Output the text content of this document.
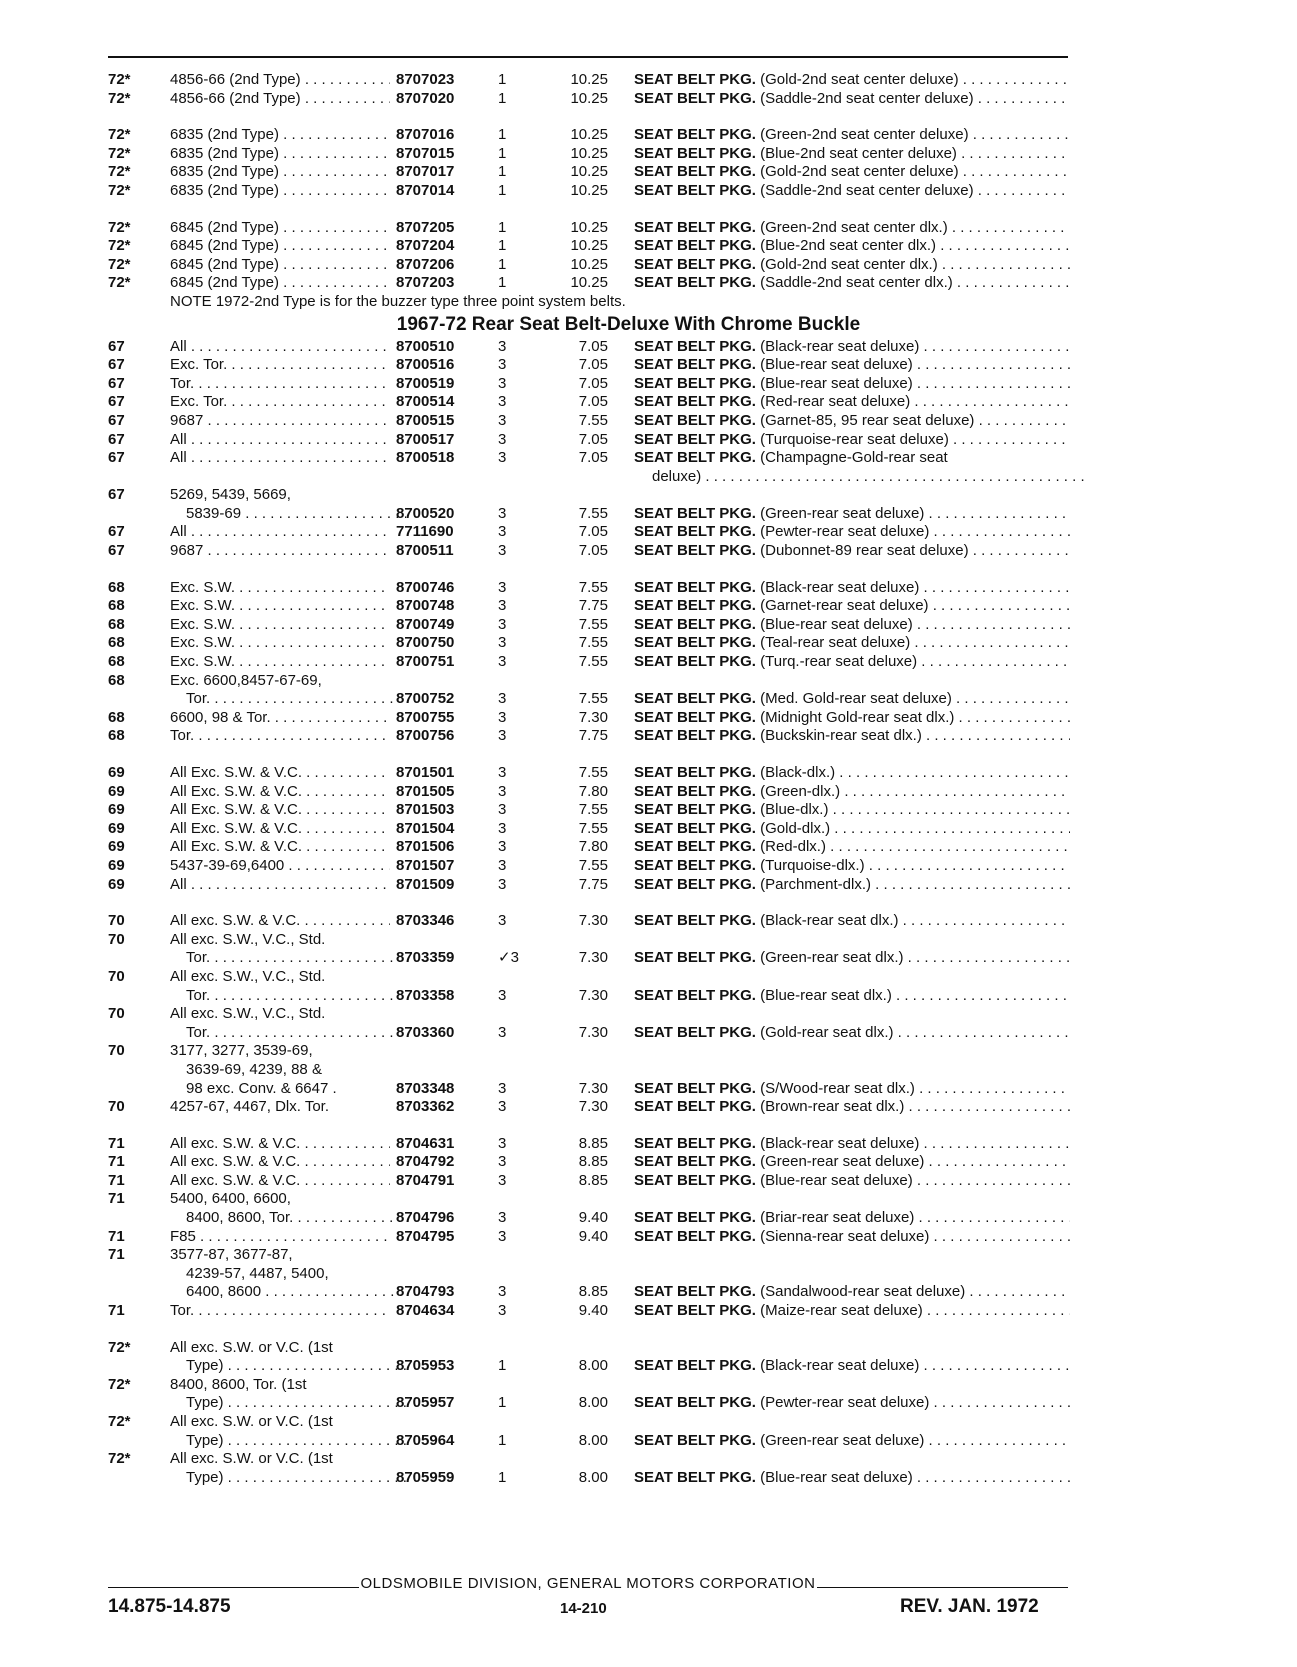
72*	4856-66 (2nd Type) . . .	8707023	1	10.25 SEAT BELT PKG. (Gold-2nd seat center deluxe) . . .
72*	4856-66 (2nd Type) . . .	8707020	1	10.25 SEAT BELT PKG. (Saddle-2nd seat center deluxe) . . .
72*	6835 (2nd Type) . . .	8707016	1	10.25 SEAT BELT PKG. (Green-2nd seat center deluxe) . . .
72*	6835 (2nd Type) . . .	8707015	1	10.25 SEAT BELT PKG. (Blue-2nd seat center deluxe) . . .
72*	6835 (2nd Type) . . .	8707017	1	10.25 SEAT BELT PKG. (Gold-2nd seat center deluxe) . . .
72*	6835 (2nd Type) . . .	8707014	1	10.25 SEAT BELT PKG. (Saddle-2nd seat center deluxe) . . .
72*	6845 (2nd Type) . . .	8707205	1	10.25 SEAT BELT PKG. (Green-2nd seat center dlx.) . . .
72*	6845 (2nd Type) . . .	8707204	1	10.25 SEAT BELT PKG. (Blue-2nd seat center dlx.) . . .
72*	6845 (2nd Type) . . .	8707206	1	10.25 SEAT BELT PKG. (Gold-2nd seat center dlx.) . . .
72*	6845 (2nd Type) . . .	8707203	1	10.25 SEAT BELT PKG. (Saddle-2nd seat center dlx.) . . .
NOTE 1972-2nd Type is for the buzzer type three point system belts.
1967-72 Rear Seat Belt-Deluxe With Chrome Buckle
67	All . . .	8700510	3	7.05 SEAT BELT PKG. (Black-rear seat deluxe) . . .
67	Exc. Tor. . . .	8700516	3	7.05 SEAT BELT PKG. (Blue-rear seat deluxe) . . .
67	Tor. . . .	8700519	3	7.05 SEAT BELT PKG. (Blue-rear seat deluxe) . . .
67	Exc. Tor. . . .	8700514	3	7.05 SEAT BELT PKG. (Red-rear seat deluxe) . . .
67	9687 . . .	8700515	3	7.55 SEAT BELT PKG. (Garnet-85, 95 rear seat deluxe) . . .
67	All . . .	8700517	3	7.05 SEAT BELT PKG. (Turquoise-rear seat deluxe) . . .
67	All . . .	8700518	3	7.05 SEAT BELT PKG. (Champagne-Gold-rear seat
deluxe) . . .
67	5269, 5439, 5669,
5839-69 . . .	8700520	3	7.55 SEAT BELT PKG. (Green-rear seat deluxe) . . .
67	All . . .	7711690	3	7.05 SEAT BELT PKG. (Pewter-rear seat deluxe) . . .
67	9687 . . .	8700511	3	7.05 SEAT BELT PKG. (Dubonnet-89 rear seat deluxe) . . .
68	Exc. S.W. . . .	8700746	3	7.55 SEAT BELT PKG. (Black-rear seat deluxe) . . .
68	Exc. S.W. . . .	8700748	3	7.75 SEAT BELT PKG. (Garnet-rear seat deluxe) . . .
68	Exc. S.W. . . .	8700749	3	7.55 SEAT BELT PKG. (Blue-rear seat deluxe) . . .
68	Exc. S.W. . . .	8700750	3	7.55 SEAT BELT PKG. (Teal-rear seat deluxe) . . .
68	Exc. S.W. . . .	8700751	3	7.55 SEAT BELT PKG. (Turq.-rear seat deluxe) . . .
68	Exc. 6600,8457-67-69,
Tor. . . .	8700752	3	7.55 SEAT BELT PKG. (Med. Gold-rear seat deluxe) . . .
68	6600, 98 & Tor. . . .	8700755	3	7.30 SEAT BELT PKG. (Midnight Gold-rear seat dlx.) . . .
68	Tor. . . .	8700756	3	7.75 SEAT BELT PKG. (Buckskin-rear seat dlx.) . . .
69	All Exc. S.W. & V.C. . . .	8701501	3	7.55 SEAT BELT PKG. (Black-dlx.) . . .
69	All Exc. S.W. & V.C. . . .	8701505	3	7.80 SEAT BELT PKG. (Green-dlx.) . . .
69	All Exc. S.W. & V.C. . . .	8701503	3	7.55 SEAT BELT PKG. (Blue-dlx.) . . .
69	All Exc. S.W. & V.C. . . .	8701504	3	7.55 SEAT BELT PKG. (Gold-dlx.) . . .
69	All Exc. S.W. & V.C. . . .	8701506	3	7.80 SEAT BELT PKG. (Red-dlx.) . . .
69	5437-39-69,6400 . . .	8701507	3	7.55 SEAT BELT PKG. (Turquoise-dlx.) . . .
69	All . . .	8701509	3	7.75 SEAT BELT PKG. (Parchment-dlx.) . . .
70	All exc. S.W. & V.C. . . .	8703346	3	7.30 SEAT BELT PKG. (Black-rear seat dlx.) . . .
70	All exc. S.W., V.C., Std.
Tor. . . .	8703359	✓3	7.30 SEAT BELT PKG. (Green-rear seat dlx.) . . .
70	All exc. S.W., V.C., Std.
Tor. . . .	8703358	3	7.30 SEAT BELT PKG. (Blue-rear seat dlx.) . . .
70	All exc. S.W., V.C., Std.
Tor. . . .	8703360	3	7.30 SEAT BELT PKG. (Gold-rear seat dlx.) . . .
70	3177, 3277, 3539-69,
3639-69, 4239, 88 &
98 exc. Conv. & 6647 .	8703348	3	7.30 SEAT BELT PKG. (S/Wood-rear seat dlx.) . . .
70	4257-67, 4467, Dlx. Tor.	8703362	3	7.30 SEAT BELT PKG. (Brown-rear seat dlx.) . . .
71	All exc. S.W. & V.C. . . .	8704631	3	8.85 SEAT BELT PKG. (Black-rear seat deluxe) . . .
71	All exc. S.W. & V.C. . . .	8704792	3	8.85 SEAT BELT PKG. (Green-rear seat deluxe) . . .
71	All exc. S.W. & V.C. . . .	8704791	3	8.85 SEAT BELT PKG. (Blue-rear seat deluxe) . . .
71	5400, 6400, 6600,
8400, 8600, Tor. . . .	8704796	3	9.40 SEAT BELT PKG. (Briar-rear seat deluxe) . . .
71	F85 . . .	8704795	3	9.40 SEAT BELT PKG. (Sienna-rear seat deluxe) . . .
71	3577-87, 3677-87,
4239-57, 4487, 5400,
6400, 8600 . . .	8704793	3	8.85 SEAT BELT PKG. (Sandalwood-rear seat deluxe) . . .
71	Tor. . . .	8704634	3	9.40 SEAT BELT PKG. (Maize-rear seat deluxe) . . .
72*	All exc. S.W. or V.C. (1st
Type) . . .	8705953	1	8.00 SEAT BELT PKG. (Black-rear seat deluxe) . . .
72*	8400, 8600, Tor. (1st
Type) . . .	8705957	1	8.00 SEAT BELT PKG. (Pewter-rear seat deluxe) . . .
72*	All exc. S.W. or V.C. (1st
Type) . . .	8705964	1	8.00 SEAT BELT PKG. (Green-rear seat deluxe) . . .
72*	All exc. S.W. or V.C. (1st
Type) . . .	8705959	1	8.00 SEAT BELT PKG. (Blue-rear seat deluxe) . . .
OLDSMOBILE DIVISION, GENERAL MOTORS CORPORATION
14.875-14.875	14-210	REV. JAN. 1972
